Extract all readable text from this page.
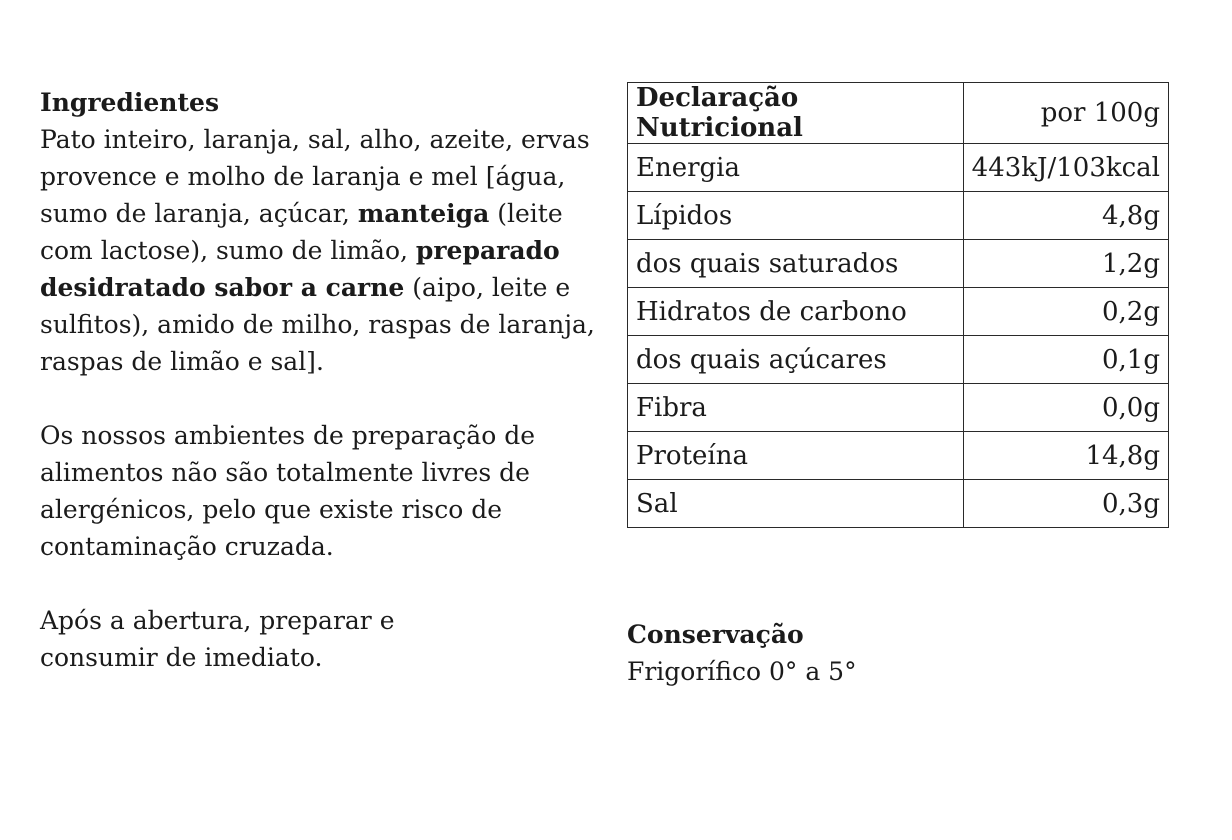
Ingredientes
Pato inteiro, laranja, sal, alho, azeite, ervas provence e molho de laranja e mel [água, sumo de laranja, açúcar, manteiga (leite com lactose), sumo de limão, preparado desidratado sabor a carne (aipo, leite e sulfitos), amido de milho, raspas de laranja, raspas de limão e sal].

Os nossos ambientes de preparação de alimentos não são totalmente livres de alergénicos, pelo que existe risco de contaminação cruzada.

Após a abertura, preparar e consumir de imediato.

Declaração Nutricional	por 100g
Energia	443kJ/103kcal
Lípidos	4,8g
dos quais saturados	1,2g
Hidratos de carbono	0,2g
dos quais açúcares	0,1g
Fibra	0,0g
Proteína	14,8g
Sal	0,3g
Conservação
Frigorífico 0° a 5°
